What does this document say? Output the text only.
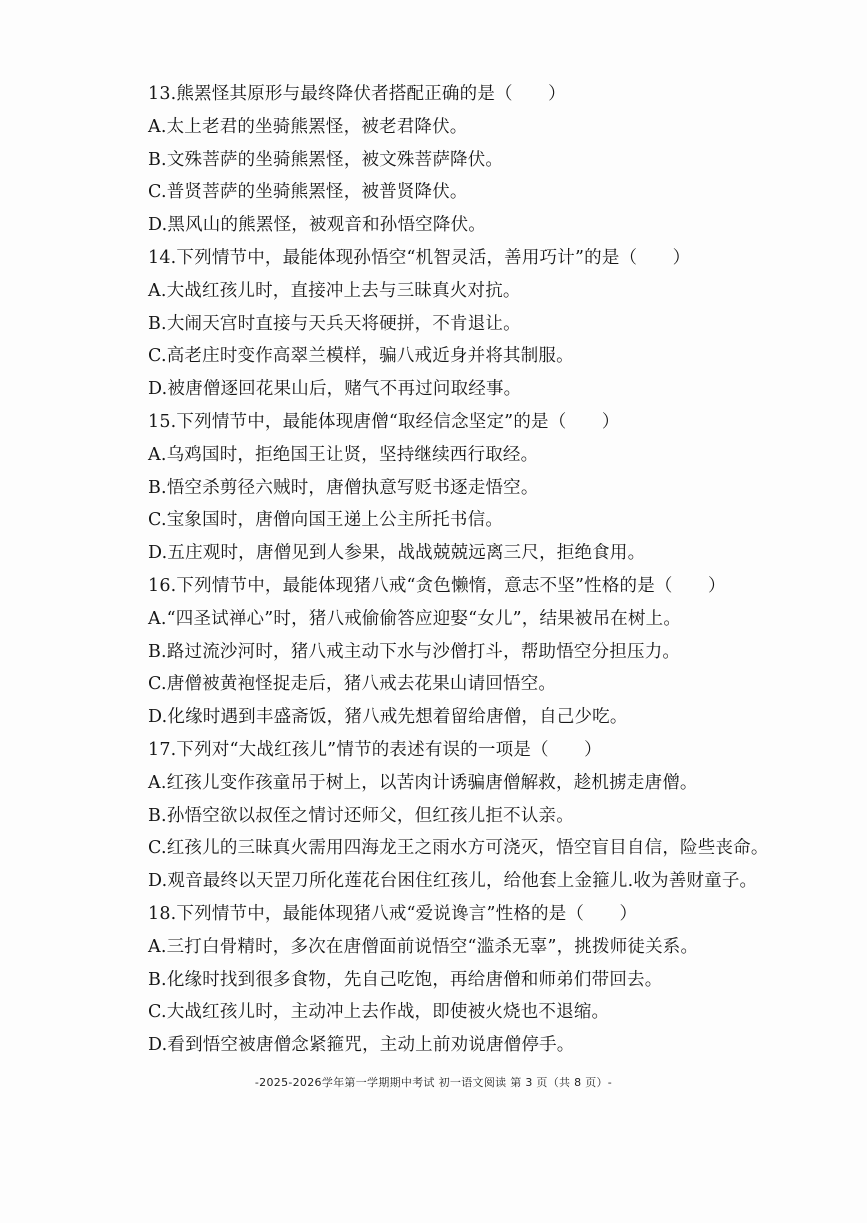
13.熊罴怪其原形与最终降伏者搭配正确的是（　　）
A.太上老君的坐骑熊罴怪，被老君降伏。
B.文殊菩萨的坐骑熊罴怪，被文殊菩萨降伏。
C.普贤菩萨的坐骑熊罴怪，被普贤降伏。
D.黑风山的熊罴怪，被观音和孙悟空降伏。
14.下列情节中，最能体现孙悟空“机智灵活，善用巧计”的是（　　）
A.大战红孩儿时，直接冲上去与三昧真火对抗。
B.大闹天宫时直接与天兵天将硬拼，不肯退让。
C.高老庄时变作高翠兰模样，骗八戒近身并将其制服。
D.被唐僧逐回花果山后，赌气不再过问取经事。
15.下列情节中，最能体现唐僧“取经信念坚定”的是（　　）
A.乌鸡国时，拒绝国王让贤，坚持继续西行取经。
B.悟空杀剪径六贼时，唐僧执意写贬书逐走悟空。
C.宝象国时，唐僧向国王递上公主所托书信。
D.五庄观时，唐僧见到人参果，战战兢兢远离三尺，拒绝食用。
16.下列情节中，最能体现猪八戒“贪色懒惰，意志不坚”性格的是（　　）
A.“四圣试禅心”时，猪八戒偷偷答应迎娶“女儿”，结果被吊在树上。
B.路过流沙河时，猪八戒主动下水与沙僧打斗，帮助悟空分担压力。
C.唐僧被黄袍怪捉走后，猪八戒去花果山请回悟空。
D.化缘时遇到丰盛斋饭，猪八戒先想着留给唐僧，自己少吃。
17.下列对“大战红孩儿”情节的表述有误的一项是（　　）
A.红孩儿变作孩童吊于树上，以苦肉计诱骗唐僧解救，趁机掳走唐僧。
B.孙悟空欲以叔侄之情讨还师父，但红孩儿拒不认亲。
C.红孩儿的三昧真火需用四海龙王之雨水方可浇灭，悟空盲目自信，险些丧命。
D.观音最终以天罡刀所化莲花台困住红孩儿，给他套上金箍儿.收为善财童子。
18.下列情节中，最能体现猪八戒“爱说谗言”性格的是（　　）
A.三打白骨精时，多次在唐僧面前说悟空“滥杀无辜”，挑拨师徒关系。
B.化缘时找到很多食物，先自己吃饱，再给唐僧和师弟们带回去。
C.大战红孩儿时，主动冲上去作战，即使被火烧也不退缩。
D.看到悟空被唐僧念紧箍咒，主动上前劝说唐僧停手。
-2025-2026学年第一学期期中考试 初一语文阅读 第 3 页（共 8 页）-
